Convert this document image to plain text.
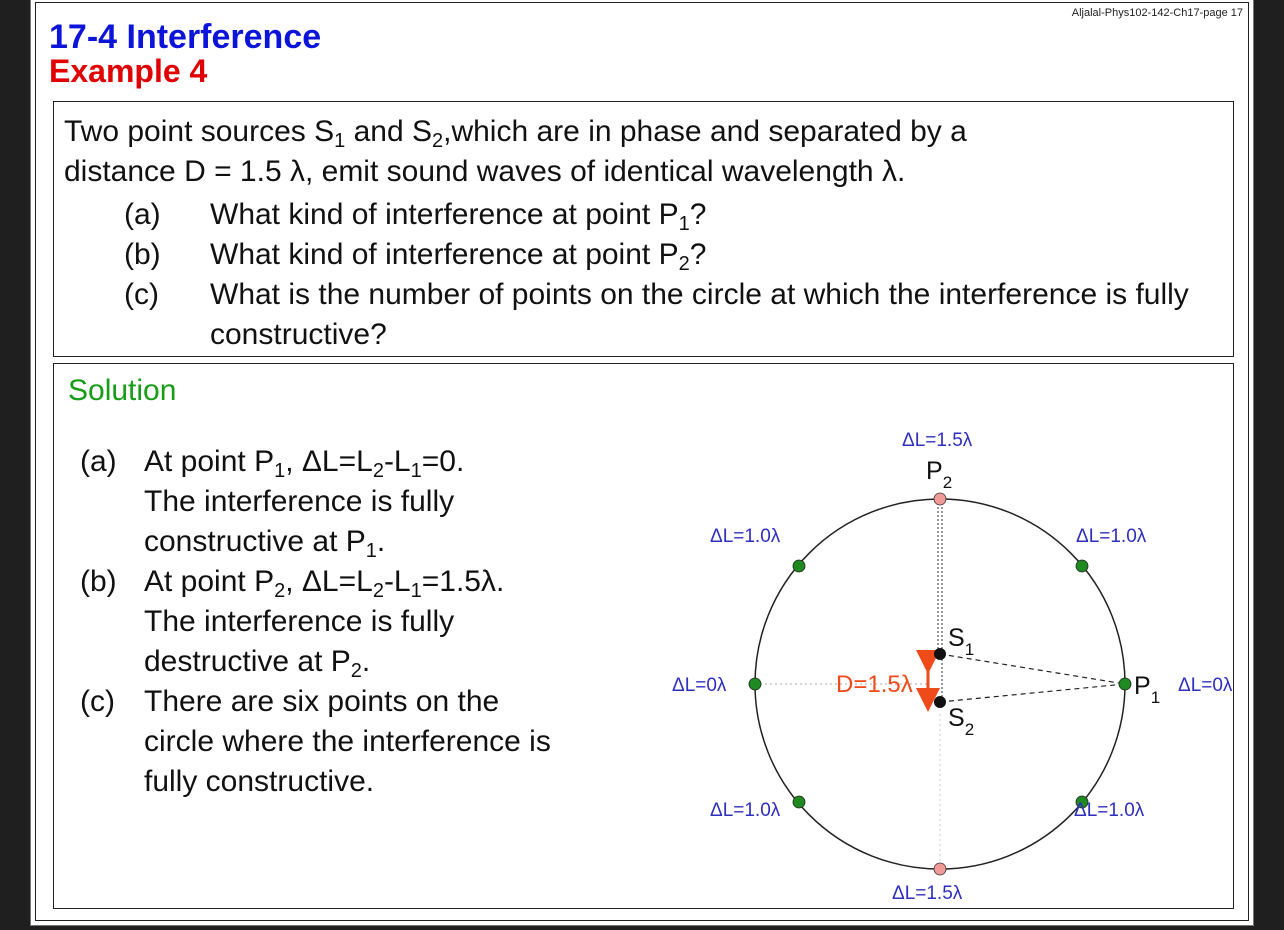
Aljalal-Phys102-142-Ch17-page 17
17-4 Interference
Example 4
Two point sources $S_1$ and $S_2,which$ are in phase and separated by a
distance D = 1.5 λ, emit sound waves of identical wavelength λ.
(a) What kind of interference at point $P_1$?
(b) What kind of interference at point $P_2$?
(c) What is the number of points on the circle at which the interference is fully constructive?
Solution
(a) At point $P_1$, $\Delta L=L_2-L_1=0$.
The interference is fully
constructive at $P_1$.
(b) At point $P_2$, $\Delta L=L_2-L_1=1.5\lambda$.
The interference is fully
destructive at $P_2$.
(c) There are six points on the
circle where the interference is
fully constructive.
D=1.5λ
$S_1$
$S_2$
$P_2$
$P_1$
ΔL=1.5λ
ΔL=1.5λ
ΔL=1.0λ	ΔL=1.0λ
ΔL=1.0λ	ΔL=1.0λ
ΔL=0λ	ΔL=0λ
